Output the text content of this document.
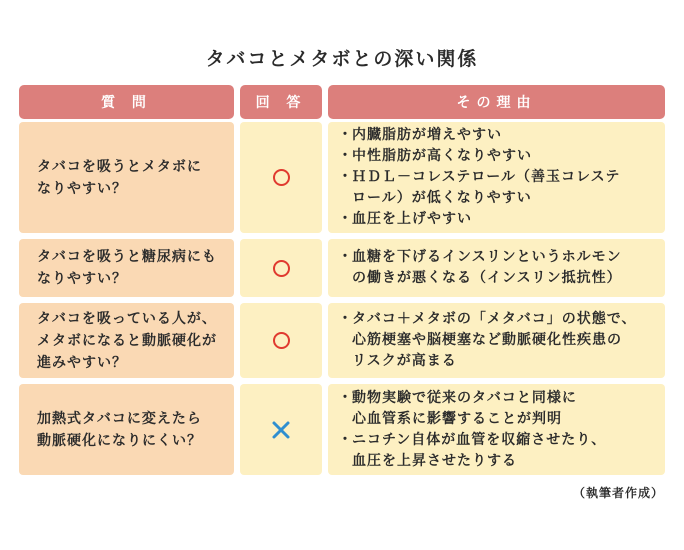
タバコとメタボとの深い関係
質 問	回 答	その理由
タバコを吸うとメタボに
なりやすい？
・ 内臓脂肪が増えやすい
・ 中性脂肪が高くなりやすい
・ ＨＤＬ－コレステロール（善玉コレステ
ロール）が低くなりやすい
・ 血圧を上げやすい
タバコを吸うと糖尿病にも
なりやすい？
・ 血糖を下げるインスリンというホルモン
の働きが悪くなる（インスリン抵抗性）
タバコを吸っている人が、
メタボになると動脈硬化が
進みやすい？
・ タバコ＋メタボの「メタバコ」の状態で、
心筋梗塞や脳梗塞など動脈硬化性疾患の
リスクが高まる
加熱式タバコに変えたら
動脈硬化になりにくい？
・ 動物実験で従来のタバコと同様に
心血管系に影響することが判明
・ ニコチン自体が血管を収縮させたり、
血圧を上昇させたりする
（執筆者作成）
